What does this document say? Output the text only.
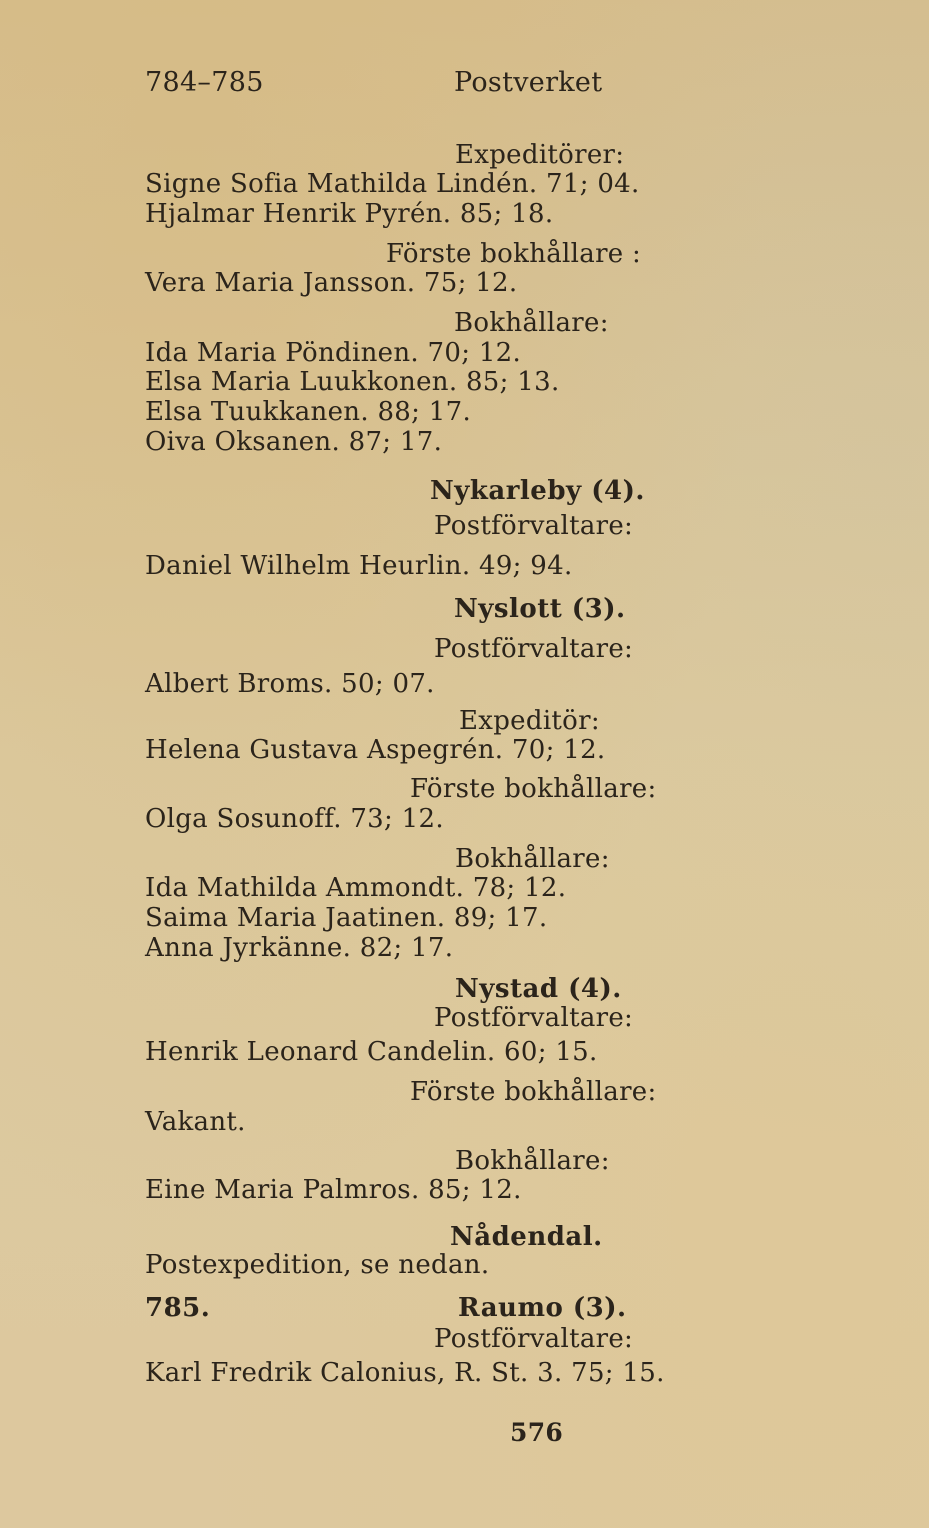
784–785	Postverket
Expeditörer:
Signe Sofia Mathilda Lindén. 71; 04.
Hjalmar Henrik Pyrén. 85; 18.
Förste bokhållare :
Vera Maria Jansson. 75; 12.
Bokhållare:
Ida Maria Pöndinen. 70; 12.
Elsa Maria Luukkonen. 85; 13.
Elsa Tuukkanen. 88; 17.
Oiva Oksanen. 87; 17.
Nykarleby (4).
Postförvaltare:
Daniel Wilhelm Heurlin. 49; 94.
Nyslott (3).
Postförvaltare:
Albert Broms. 50; 07.
Expeditör:
Helena Gustava Aspegrén. 70; 12.
Förste bokhållare:
Olga Sosunoff. 73; 12.
Bokhållare:
Ida Mathilda Ammondt. 78; 12.
Saima Maria Jaatinen. 89; 17.
Anna Jyrkänne. 82; 17.
Nystad (4).
Postförvaltare:
Henrik Leonard Candelin. 60; 15.
Förste bokhållare:
Vakant.
Bokhållare:
Eine Maria Palmros. 85; 12.
Nådendal.
Postexpedition, se nedan.
785.	Raumo (3).
Postförvaltare:
Karl Fredrik Calonius, R. St. 3. 75; 15.
576
